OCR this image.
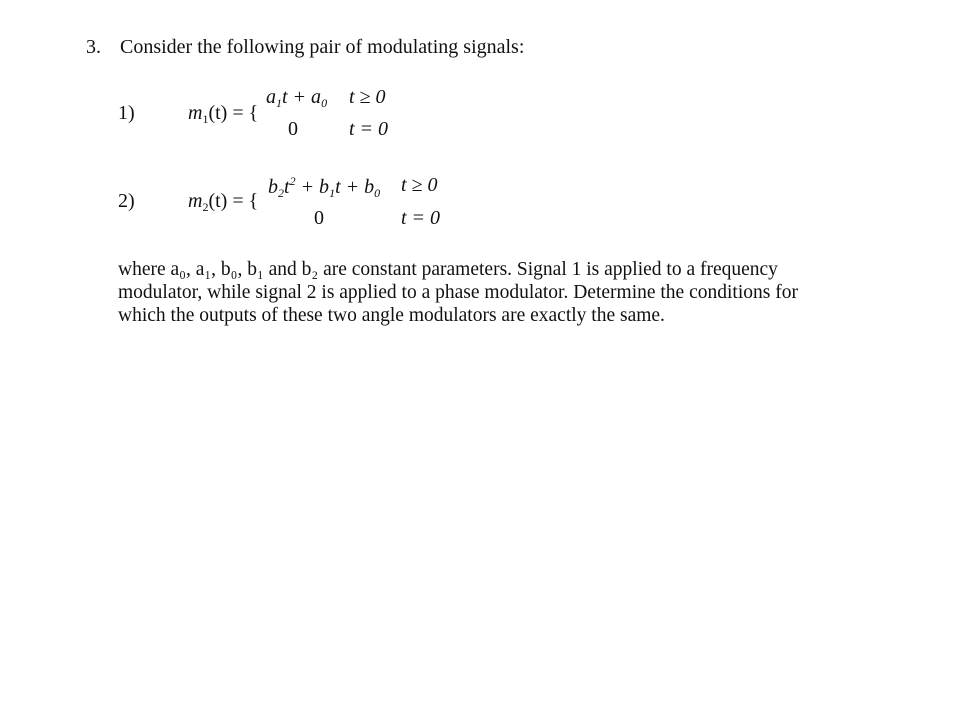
3. Consider the following pair of modulating signals:
1)	$m_1(t)$ = {
$a_1t + a_0$ t ≥ 0
0	t = 0
2)	$m_2(t)$ = {
$b_2t^2 + b_1t + b_0$ t ≥ 0
0	t = 0
where a₀, a₁, b₀, b₁ and b₂ are constant parameters. Signal 1 is applied to a frequency
modulator, while signal 2 is applied to a phase modulator. Determine the conditions for
which the outputs of these two angle modulators are exactly the same.
